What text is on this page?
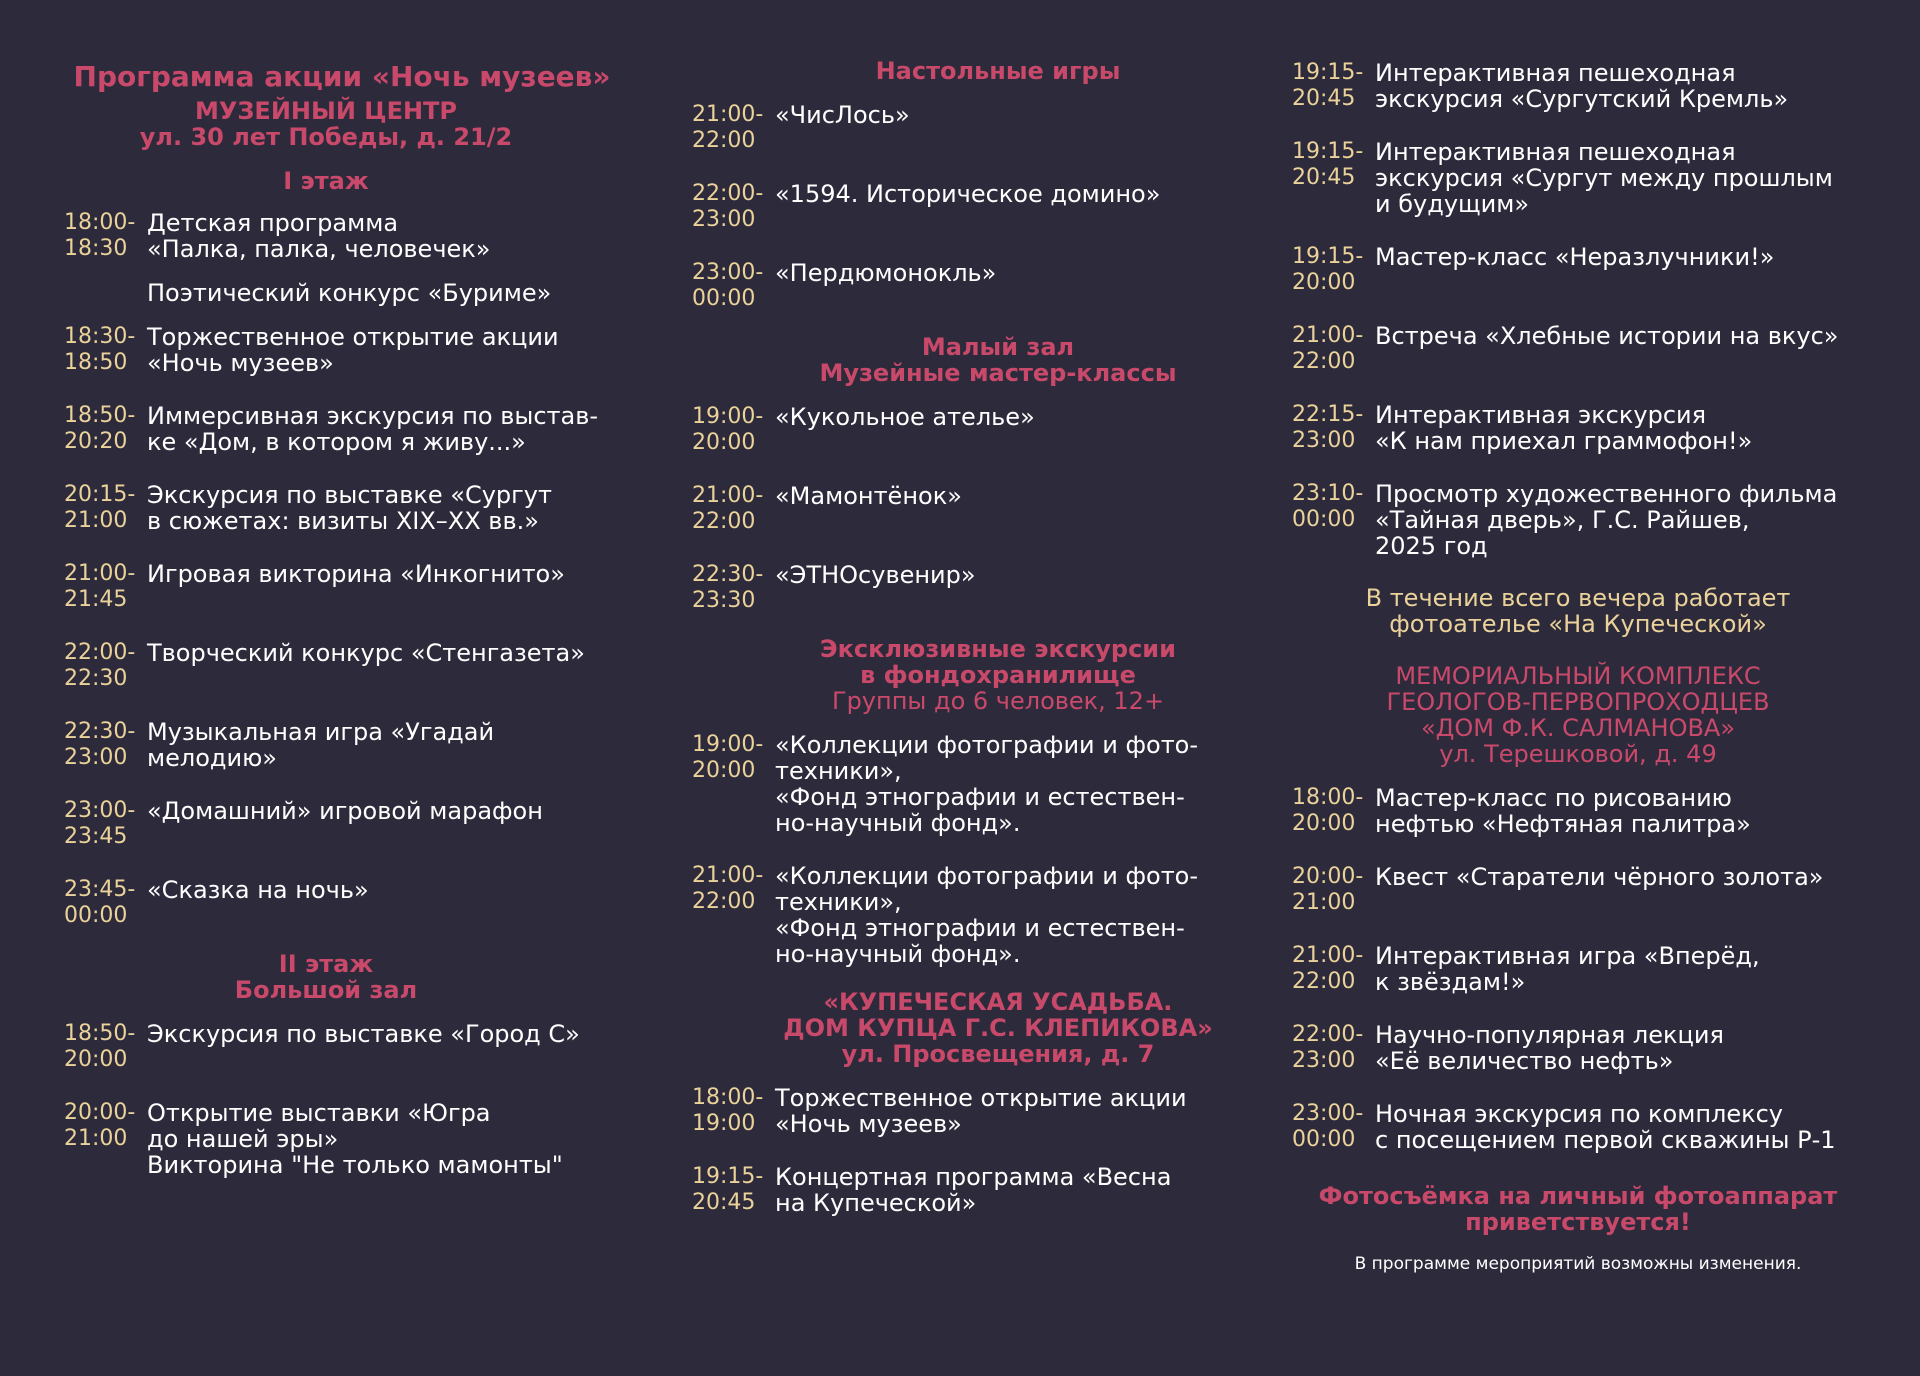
Программа акции «Ночь музеев»
МУЗЕЙНЫЙ ЦЕНТР
ул. 30 лет Победы, д. 21/2
I этаж
18:00-
18:30
Детская программа
«Палка, палка, человечек»
Поэтический конкурс «Буриме»
18:30-
18:50
Торжественное открытие акции
«Ночь музеев»
18:50-
20:20
Иммерсивная экскурсия по выстав-
ке «Дом, в котором я живу...»
20:15-
21:00
Экскурсия по выставке «Сургут
в сюжетах: визиты XIX–XX вв.»
21:00-
21:45
Игровая викторина «Инкогнито»
22:00-
22:30
Творческий конкурс «Стенгазета»
22:30-
23:00
Музыкальная игра «Угадай
мелодию»
23:00-
23:45
«Домашний» игровой марафон
23:45-
00:00
«Сказка на ночь»
II этаж
Большой зал
18:50-
20:00
Экскурсия по выставке «Город С»
20:00-
21:00
Открытие выставки «Югра
до нашей эры»
Викторина "Не только мамонты"
Настольные игры
21:00-
22:00
«ЧисЛось»
22:00-
23:00
«1594. Историческое домино»
23:00-
00:00
«Пердюмонокль»
Малый зал
Музейные мастер-классы
19:00-
20:00
«Кукольное ателье»
21:00-
22:00
«Мамонтёнок»
22:30-
23:30
«ЭТНОсувенир»
Эксклюзивные экскурсии
в фондохранилище
Группы до 6 человек, 12+
19:00-
20:00
«Коллекции фотографии и фото-
техники»,
«Фонд этнографии и естествен-
но-научный фонд».
21:00-
22:00
«Коллекции фотографии и фото-
техники»,
«Фонд этнографии и естествен-
но-научный фонд».
«КУПЕЧЕСКАЯ УСАДЬБА.
ДОМ КУПЦА Г.С. КЛЕПИКОВА»
ул. Просвещения, д. 7
18:00-
19:00
Торжественное открытие акции
«Ночь музеев»
19:15-
20:45
Концертная программа «Весна
на Купеческой»
19:15-
20:45
Интерактивная пешеходная
экскурсия «Сургутский Кремль»
19:15-
20:45
Интерактивная пешеходная
экскурсия «Сургут между прошлым
и будущим»
19:15-
20:00
Мастер-класс «Неразлучники!»
21:00-
22:00
Встреча «Хлебные истории на вкус»
22:15-
23:00
Интерактивная экскурсия
«К нам приехал граммофон!»
23:10-
00:00
Просмотр художественного фильма
«Тайная дверь», Г.С. Райшев,
2025 год
В течение всего вечера работает
фотоателье «На Купеческой»
МЕМОРИАЛЬНЫЙ КОМПЛЕКС
ГЕОЛОГОВ-ПЕРВОПРОХОДЦЕВ
«ДОМ Ф.К. САЛМАНОВА»
ул. Терешковой, д. 49
18:00-
20:00
Мастер-класс по рисованию
нефтью «Нефтяная палитра»
20:00-
21:00
Квест «Старатели чёрного золота»
21:00-
22:00
Интерактивная игра «Вперёд,
к звёздам!»
22:00-
23:00
Научно-популярная лекция
«Её величество нефть»
23:00-
00:00
Ночная экскурсия по комплексу
с посещением первой скважины Р-1
Фотосъёмка на личный фотоаппарат
приветствуется!
В программе мероприятий возможны изменения.
